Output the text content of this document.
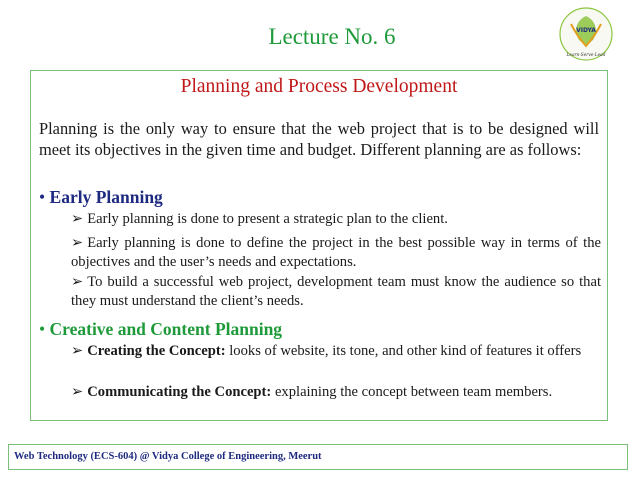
Lecture No. 6	VIDYA
Learn-Serve-Lead
Planning and Process Development
Planning is the only way to ensure that the web project that is to be designed will meet its objectives in the given time and budget. Different planning are as follows:
• Early Planning
➢ Early planning is done to present a strategic plan to the client.
➢ Early planning is done to define the project in the best possible way in terms of the objectives and the user’s needs and expectations.
➢ To build a successful web project, development team must know the audience so that they must understand the client’s needs.
• Creative and Content Planning
➢ Creating the Concept: looks of website, its tone, and other kind of features it offers
➢ Communicating the Concept: explaining the concept between team members.
Web Technology (ECS-604) @ Vidya College of Engineering, Meerut
